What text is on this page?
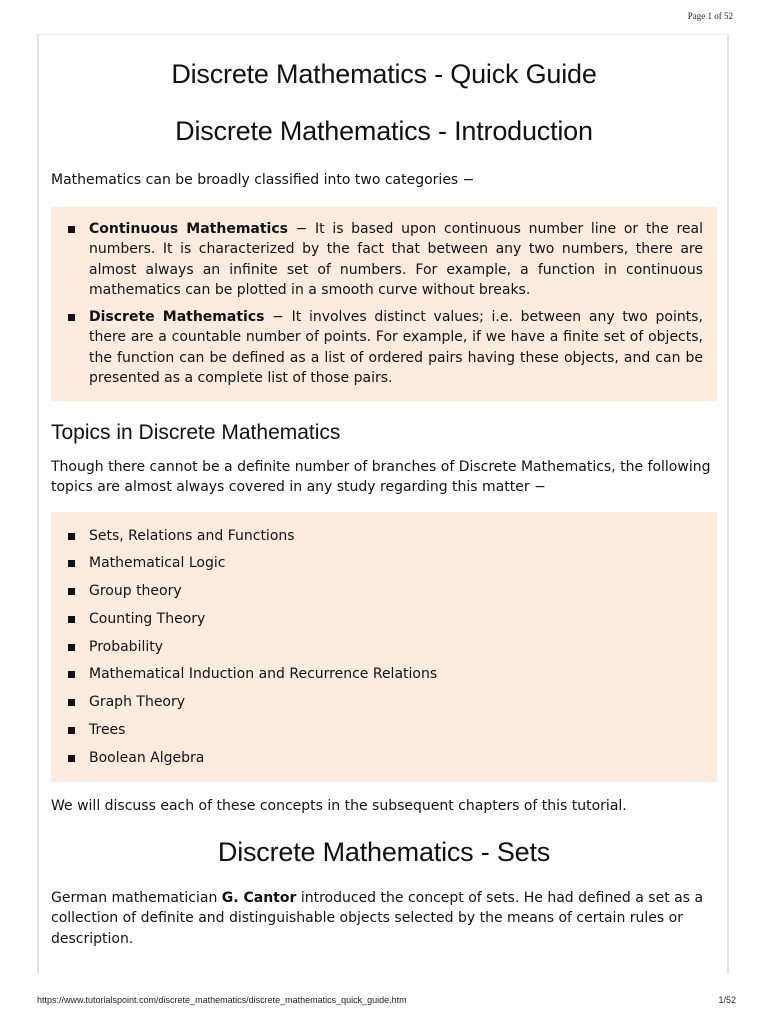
Page 1 of 52
Discrete Mathematics - Quick Guide
Discrete Mathematics - Introduction

Mathematics can be broadly classified into two categories −

Continuous Mathematics − It is based upon continuous number line or the real numbers. It is characterized by the fact that between any two numbers, there are almost always an infinite set of numbers. For example, a function in continuous mathematics can be plotted in a smooth curve without breaks.
Discrete Mathematics − It involves distinct values; i.e. between any two points, there are a countable number of points. For example, if we have a finite set of objects, the function can be defined as a list of ordered pairs having these objects, and can be presented as a complete list of those pairs.
Topics in Discrete Mathematics

Though there cannot be a definite number of branches of Discrete Mathematics, the following topics are almost always covered in any study regarding this matter −

Sets, Relations and Functions
Mathematical Logic
Group theory
Counting Theory
Probability
Mathematical Induction and Recurrence Relations
Graph Theory
Trees
Boolean Algebra

We will discuss each of these concepts in the subsequent chapters of this tutorial.

Discrete Mathematics - Sets

German mathematician G. Cantor introduced the concept of sets. He had defined a set as a collection of definite and distinguishable objects selected by the means of certain rules or description.

https://www.tutorialspoint.com/discrete_mathematics/discrete_mathematics_quick_guide.htm	1/52
